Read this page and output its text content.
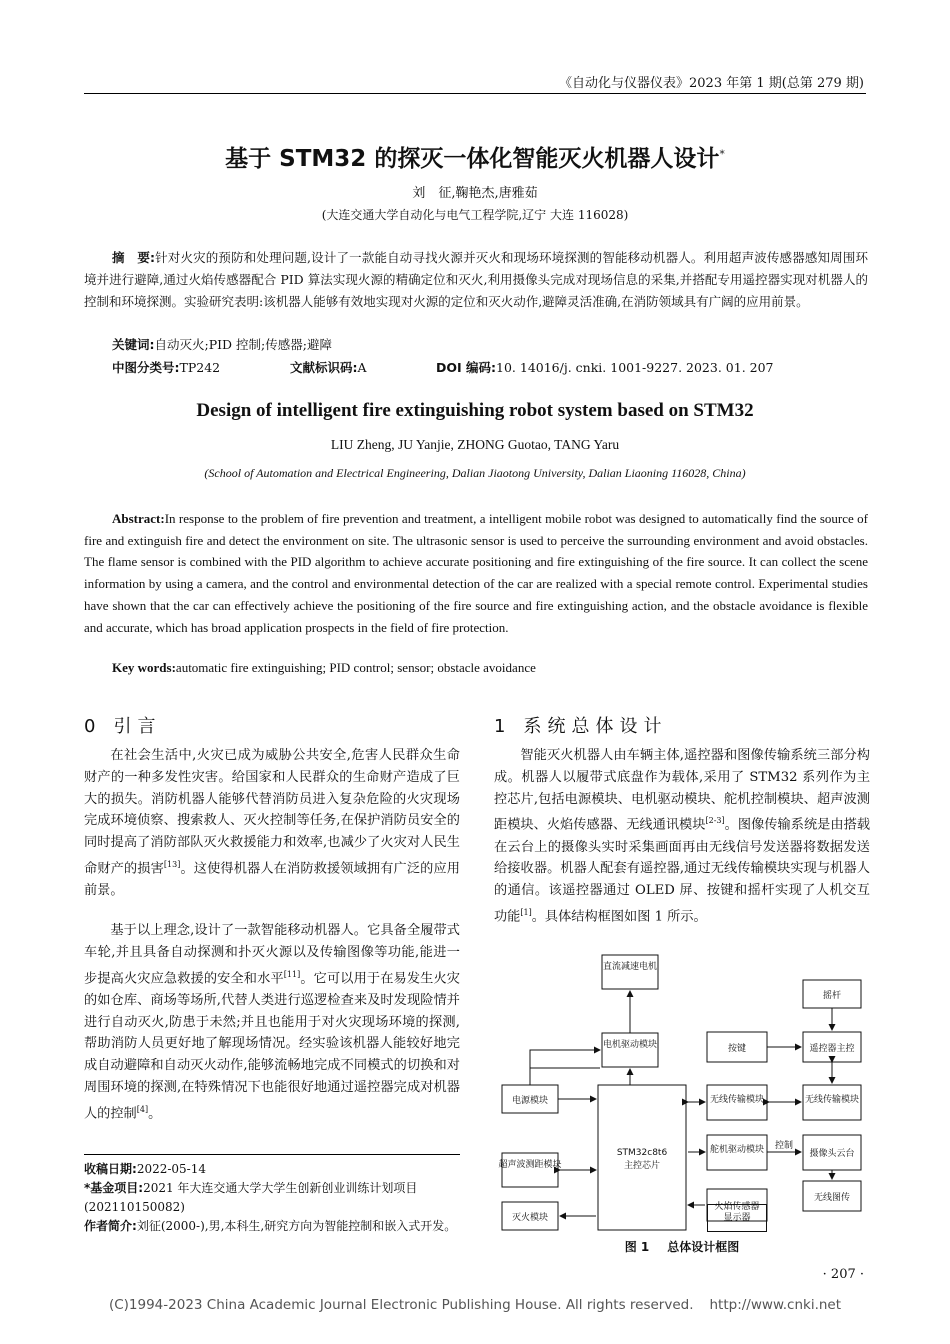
《自动化与仪器仪表》2023 年第 1 期(总第 279 期)
基于 STM32 的探灭一体化智能灭火机器人设计*
刘　征,鞠艳杰,唐雅茹
(大连交通大学自动化与电气工程学院,辽宁 大连 116028)
摘　要:针对火灾的预防和处理问题,设计了一款能自动寻找火源并灭火和现场环境探测的智能移动机器人。利用超声波传感器感知周围环境并进行避障,通过火焰传感器配合 PID 算法实现火源的精确定位和灭火,利用摄像头完成对现场信息的采集,并搭配专用遥控器实现对机器人的控制和环境探测。实验研究表明:该机器人能够有效地实现对火源的定位和灭火动作,避障灵活准确,在消防领域具有广阔的应用前景。
关键词:自动灭火;PID 控制;传感器;避障
中图分类号:TP242	文献标识码:A	DOI 编码:10. 14016/j. cnki. 1001-9227. 2023. 01. 207
Design of intelligent fire extinguishing robot system based on STM32
LIU Zheng, JU Yanjie, ZHONG Guotao, TANG Yaru
(School of Automation and Electrical Engineering, Dalian Jiaotong University, Dalian Liaoning 116028, China)
Abstract:In response to the problem of fire prevention and treatment, a intelligent mobile robot was designed to automatically find the source of fire and extinguish fire and detect the environment on site. The ultrasonic sensor is used to perceive the surrounding environment and avoid obstacles. The flame sensor is combined with the PID algorithm to achieve accurate positioning and fire extinguishing of the fire source. It can collect the scene information by using a camera, and the control and environmental detection of the car are realized with a special remote control. Experimental studies have shown that the car can effectively achieve the positioning of the fire source and fire extinguishing action, and the obstacle avoidance is flexible and accurate, which has broad application prospects in the field of fire protection.
Key words:automatic fire extinguishing; PID control; sensor; obstacle avoidance
0 引言
在社会生活中,火灾已成为威胁公共安全,危害人民群众生命财产的一种多发性灾害。给国家和人民群众的生命财产造成了巨大的损失。消防机器人能够代替消防员进入复杂危险的火灾现场完成环境侦察、搜索救人、灭火控制等任务,在保护消防员安全的同时提高了消防部队灭火救援能力和效率,也减少了火灾对人民生命财产的损害[13]。这使得机器人在消防救援领域拥有广泛的应用前景。
基于以上理念,设计了一款智能移动机器人。它具备全履带式车轮,并且具备自动探测和扑灭火源以及传输图像等功能,能进一步提高火灾应急救援的安全和水平[11]。它可以用于在易发生火灾的如仓库、商场等场所,代替人类进行巡逻检查来及时发现险情并进行自动灭火,防患于未然;并且也能用于对火灾现场环境的探测,帮助消防人员更好地了解现场情况。经实验该机器人能较好地完成自动避障和自动灭火动作,能够流畅地完成不同模式的切换和对周围环境的探测,在特殊情况下也能很好地通过遥控器完成对机器人的控制[4]。
收稿日期:2022-05-14
*基金项目:2021 年大连交通大学大学生创新创业训练计划项目(202110150082)
作者简介:刘征(2000-),男,本科生,研究方向为智能控制和嵌入式开发。
1 系统总体设计
智能灭火机器人由车辆主体,遥控器和图像传输系统三部分构成。机器人以履带式底盘作为载体,采用了 STM32 系列作为主控芯片,包括电源模块、电机驱动模块、舵机控制模块、超声波测距模块、火焰传感器、无线通讯模块[2-3]。图像传输系统是由搭载在云台上的摄像头实时采集画面再由无线信号发送器将数据发送给接收器。机器人配套有遥控器,通过无线传输模块实现与机器人的通信。该遥控器通过 OLED 屏、按键和摇杆实现了人机交互功能[1]。具体结构框图如图 1 所示。
直流减速电机
电机驱动模块
电源模块
超声波测距模块
灭火模块
STM32c8t6
主控芯片
按键
无线传输模块
舵机驱动模块
火焰传感器
摇杆
遥控器主控
无线传输模块
摄像头云台
无线图传
控制
显示器
图 1 总体设计框图
· 207 ·
(C)1994-2023 China Academic Journal Electronic Publishing House. All rights reserved. http://www.cnki.net
